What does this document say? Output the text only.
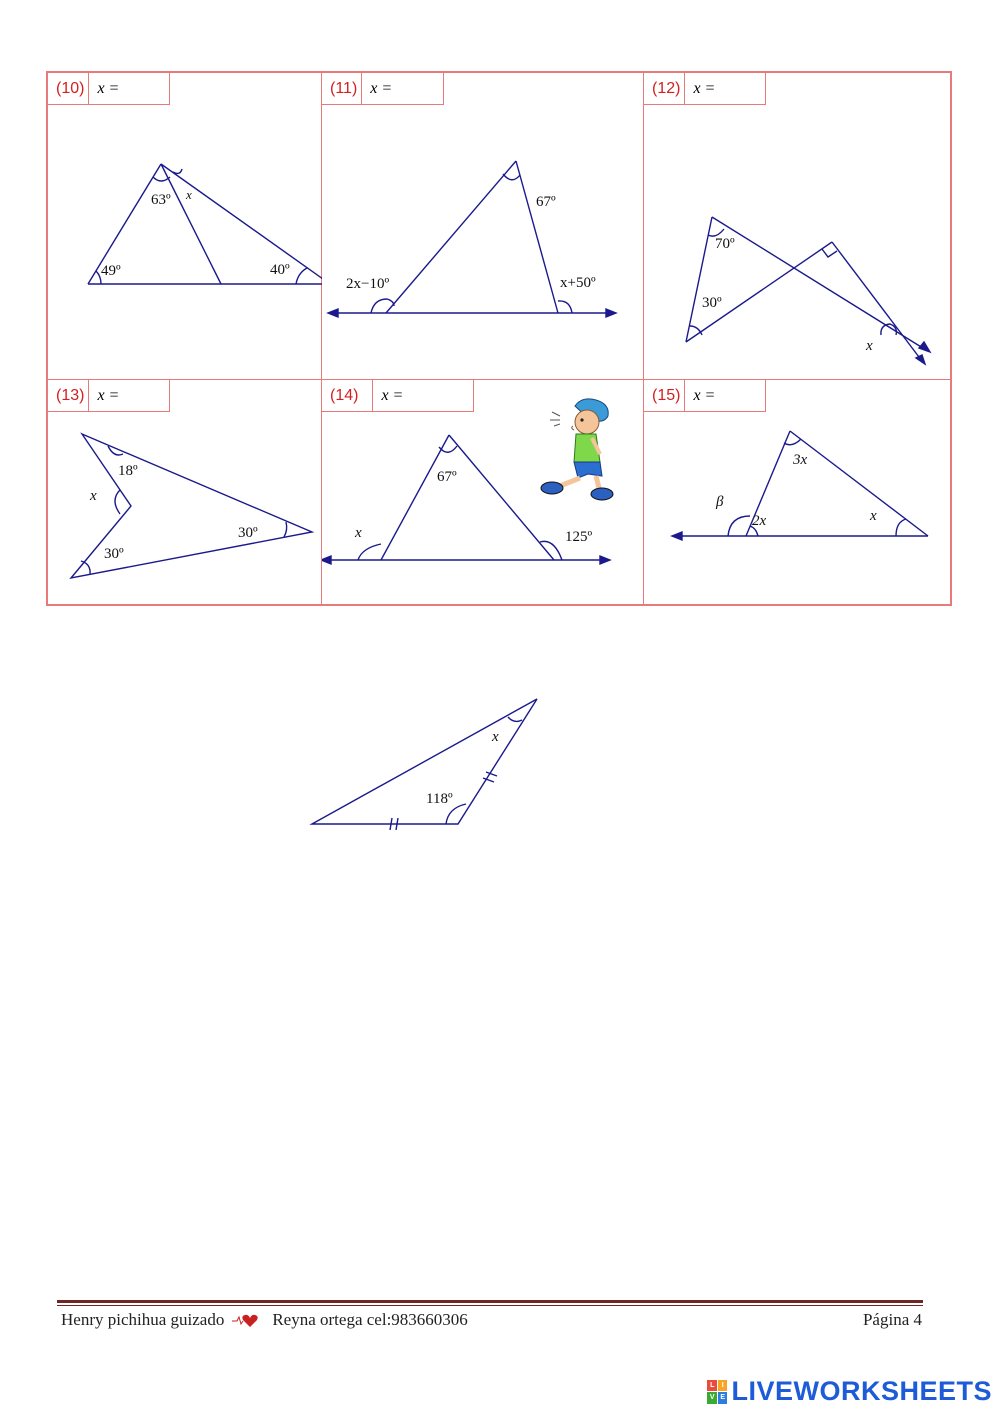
(10) x =
63º x
49º	40º
(11) x =
67º
2x−10º	x+50º
(12) x =
70º
30º
x
(13) x =
18º
x
30º
30º
(14)	x =
67º
x	125º
(15) x =
3x
β
2x	x
x
118º
Henry pichihua guizado	Reyna ortega cel:983660306	Página 4
L	I
V E LIVEWORKSHEETS
